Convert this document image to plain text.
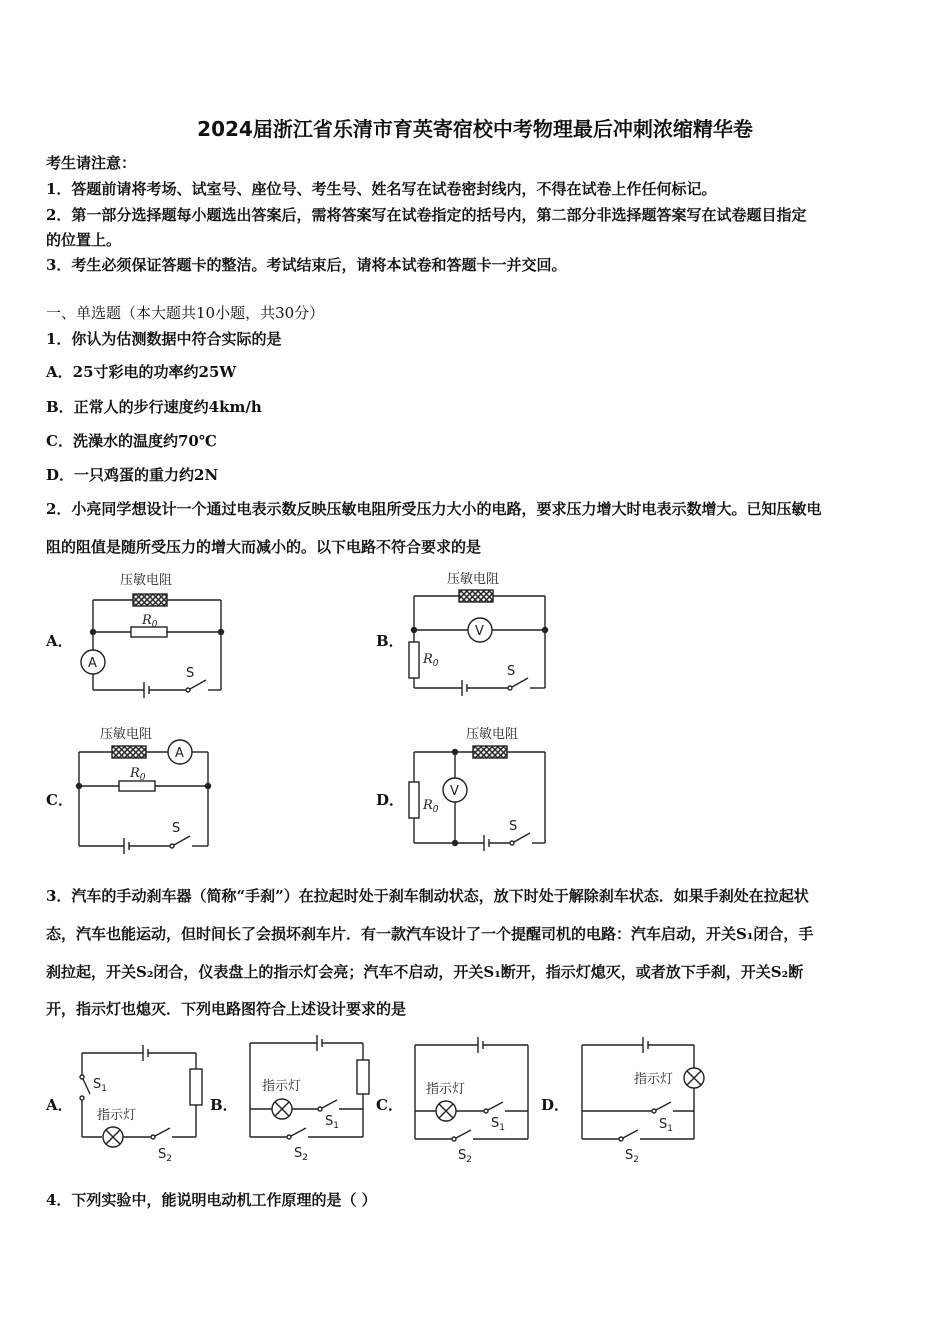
2024届浙江省乐清市育英寄宿校中考物理最后冲刺浓缩精华卷
考生请注意：
1．答题前请将考场、试室号、座位号、考生号、姓名写在试卷密封线内，不得在试卷上作任何标记。
2．第一部分选择题每小题选出答案后，需将答案写在试卷指定的括号内，第二部分非选择题答案写在试卷题目指定
的位置上。
3．考生必须保证答题卡的整洁。考试结束后，请将本试卷和答题卡一并交回。
一、单选题（本大题共10小题，共30分）
1．你认为估测数据中符合实际的是
A．25寸彩电的功率约25W
B．正常人的步行速度约4km/h
C．洗澡水的温度约70℃
D．一只鸡蛋的重力约2N
2．小亮同学想设计一个通过电表示数反映压敏电阻所受压力大小的电路，要求压力增大时电表示数增大。已知压敏电
阻的阻值是随所受压力的增大而减小的。以下电路不符合要求的是
A．	B．
C．	D．
压敏电阻
$R_0$
A
S
压敏电阻
V
$R_0$	S
压敏电阻
A
$R_0$
S
压敏电阻
V
$R_0$
S
3．汽车的手动刹车器（简称“手刹”）在拉起时处于刹车制动状态，放下时处于解除刹车状态．如果手刹处在拉起状
态，汽车也能运动，但时间长了会损坏刹车片．有一款汽车设计了一个提醒司机的电路：汽车启动，开关S₁闭合，手
刹拉起，开关S₂闭合，仪表盘上的指示灯会亮；汽车不启动，开关S₁断开，指示灯熄灭，或者放下手刹，开关S₂断
开，指示灯也熄灭．下列电路图符合上述设计要求的是
A．	B．	C．	D．
$S_1$
指示灯
$S_2$
指示灯
$S_1$
$S_2$
指示灯
$S_1$
$S_2$
指示灯
$S_1$
$S_2$
4．下列实验中，能说明电动机工作原理的是（ ）
